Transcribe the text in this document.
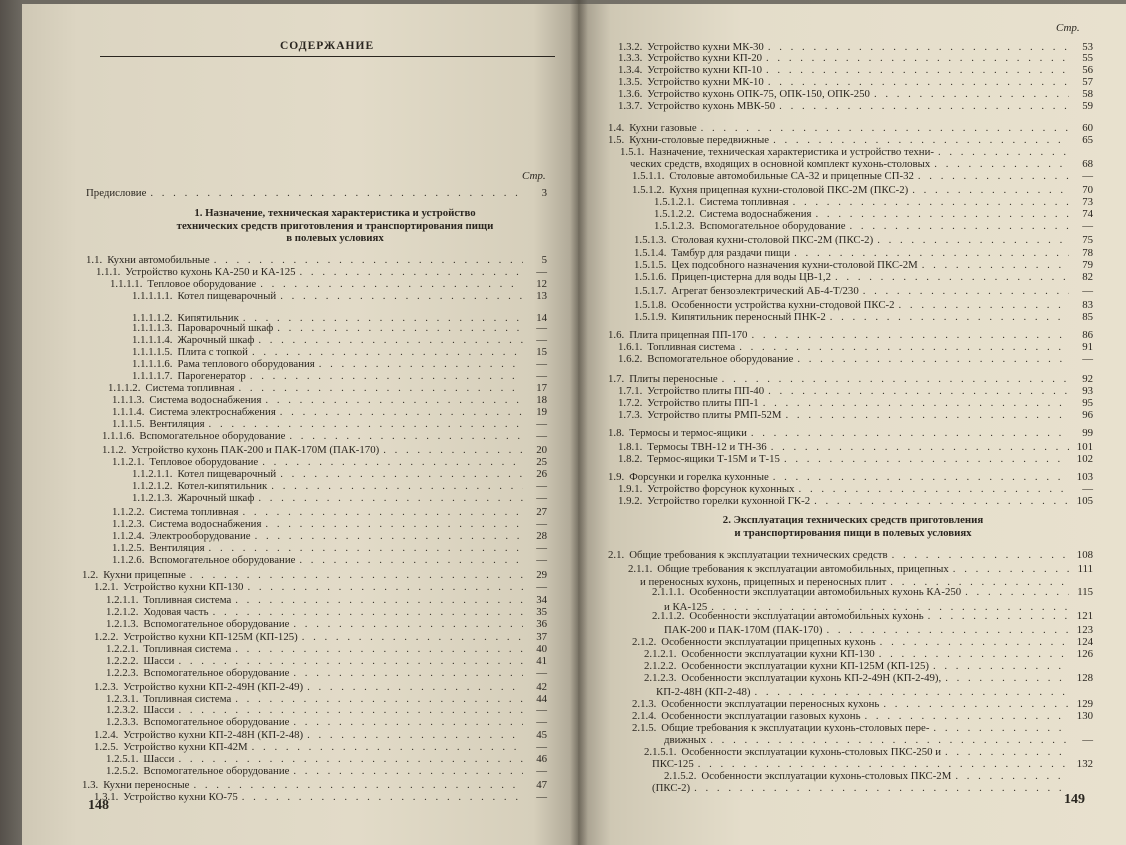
СОДЕРЖАНИЕ
Стр.
1. Назначение, техническая характеристика и устройство
технических средств приготовления и транспортирования пищи
в полевых условиях
Предисловие . . .	3
1.1. Кухни автомобильные . . .	5
1.1.1. Устройство кухонь КА-250 и КА-125 . . .	—
1.1.1.1. Тепловое оборудование . . .	12
1.1.1.1.1. Котел пищеварочный . . .	13
1.1.1.1.2. Кипятильник . . .	14
1.1.1.1.3. Пароварочный шкаф . . .	—
1.1.1.1.4. Жарочный шкаф . . .	—
1.1.1.1.5. Плита с топкой . . .	15
1.1.1.1.6. Рама теплового оборудования . . .	—
1.1.1.1.7. Парогенератор . . .	—
1.1.1.2. Система топливная . . .	17
1.1.1.3. Система водоснабжения . . .	18
1.1.1.4. Система электроснабжения . . .	19
1.1.1.5. Вентиляция . . .	—
1.1.1.6. Вспомогательное оборудование . . .	—
1.1.2. Устройство кухонь ПАК-200 и ПАК-170М (ПАК-170) . . .	20
1.1.2.1. Тепловое оборудование . . .	25
1.1.2.1.1. Котел пищеварочный . . .	26
1.1.2.1.2. Котел-кипятильник . . .	—
1.1.2.1.3. Жарочный шкаф . . .	—
1.1.2.2. Система топливная . . .	27
1.1.2.3. Система водоснабжения . . .	—
1.1.2.4. Электрооборудование . . .	28
1.1.2.5. Вентиляция . . .	—
1.1.2.6. Вспомогательное оборудование . . .	—
1.2. Кухни прицепные . . .	29
1.2.1. Устройство кухни КП-130 . . .	—
1.2.1.1. Топливная система . . .	34
1.2.1.2. Ходовая часть . . .	35
1.2.1.3. Вспомогательное оборудование . . .	36
1.2.2. Устройство кухни КП-125М (КП-125) . . .	37
1.2.2.1. Топливная система . . .	40
1.2.2.2. Шасси . . .	41
1.2.2.3. Вспомогательное оборудование . . .	—
1.2.3. Устройство кухни КП-2-49Н (КП-2-49) . . .	42
1.2.3.1. Топливная система . . .	44
1.2.3.2. Шасси . . .	—
1.2.3.3. Вспомогательное оборудование . . .	—
1.2.4. Устройство кухни КП-2-48Н (КП-2-48) . . .	45
1.2.5. Устройство кухни КП-42М . . .	—
1.2.5.1. Шасси . . .	46
1.2.5.2. Вспомогательное оборудование . . .	—
1.3. Кухни переносные . . .	47
1.3.1. Устройство кухни КО-75 . . .	—
148
Стр.
2. Эксплуатация технических средств приготовления
и транспортирования пищи в полевых условиях
1.3.2. Устройство кухни МК-30 . . .	53
1.3.3. Устройство кухни КП-20 . . .	55
1.3.4. Устройство кухни КП-10 . . .	56
1.3.5. Устройство кухни МК-10 . . .	57
1.3.6. Устройство кухонь ОПК-75, ОПК-150, ОПК-250 . . .	58
1.3.7. Устройство кухонь МВК-50 . . .	59
1.4. Кухни газовые . . .	60
1.5. Кухни-столовые передвижные . . .	65
1.5.1. Назначение, техническая характеристика и устройство техни-
. . .
ческих средств, входящих в основной комплект кухонь-столовых . . .	68
1.5.1.1. Столовые автомобильные СА-32 и прицепные СП-32 . . .	—
1.5.1.2. Кухня прицепная кухни-столовой ПКС-2М (ПКС-2) . . .	70
1.5.1.2.1. Система топливная . . .	73
1.5.1.2.2. Система водоснабжения . . .	74
1.5.1.2.3. Вспомогательное оборудование . . .	—
1.5.1.3. Столовая кухни-столовой ПКС-2М (ПКС-2) . . .	75
1.5.1.4. Тамбур для раздачи пищи . . .	78
1.5.1.5. Цех подсобного назначения кухни-столовой ПКС-2М . . .	79
1.5.1.6. Прицеп-цистерна для воды ЦВ-1,2 . . .	82
1.5.1.7. Агрегат бензоэлектрический АБ-4-Т/230 . . .	—
1.5.1.8. Особенности устройства кухни-стодовой ПКС-2 . . .	83
1.5.1.9. Кипятильник переносный ПНК-2 . . .	85
1.6. Плита прицепная ПП-170 . . .	86
1.6.1. Топливная система . . .	91
1.6.2. Вспомогательное оборудование . . .	—
1.7. Плиты переносные . . .	92
1.7.1. Устройство плиты ПП-40 . . .	93
1.7.2. Устройство плиты ПП-1 . . .	95
1.7.3. Устройство плиты РМП-52М . . .	96
1.8. Термосы и термос-ящики . . .	99
1.8.1. Термосы ТВН-12 и ТН-36 . . .	101
1.8.2. Термос-ящики Т-15М и Т-15 . . .	102
1.9. Форсунки и горелка кухонные . . .	103
1.9.1. Устройство форсунок кухонных . . .	—
1.9.2. Устройство горелки кухонной ГК-2 . . .	105
2.1. Общие требования к эксплуатации технических средств . . .	108
2.1.1. Общие требования к эксплуатации автомобильных, прицепных . . .	111
и переносных кухонь, прицепных и переносных плит
. . .
2.1.1.1. Особенности эксплуатации автомобильных кухонь КА-250 . . .	115
и КА-125
. . .
2.1.1.2. Особенности эксплуатации автомобильных кухонь . . .	121
ПАК-200 и ПАК-170М (ПАК-170) . . .	123
2.1.2. Особенности эксплуатации прицепных кухонь . . .	124
2.1.2.1. Особенности эксплуатации кухни КП-130 . . .	126
2.1.2.2. Особенности эксплуатации кухни КП-125М (КП-125)
. . .
2.1.2.3. Особенности эксплуатации кухонь КП-2-49Н (КП-2-49), . . .	128
КП-2-48Н (КП-2-48)
. . .
2.1.3. Особенности эксплуатации переносных кухонь . . .	129
2.1.4. Особенности эксплуатации газовых кухонь . . .	130
2.1.5. Общие требования к эксплуатации кухонь-столовых пере-
. . .
движных . . .	—
2.1.5.1. Особенности эксплуатации кухонь-столовых ПКС-250 и
. . .
ПКС-125 . . .	132
2.1.5.2. Особенности эксплуатации кухонь-столовых ПКС-2М
. . .
(ПКС-2)
. . .
149
